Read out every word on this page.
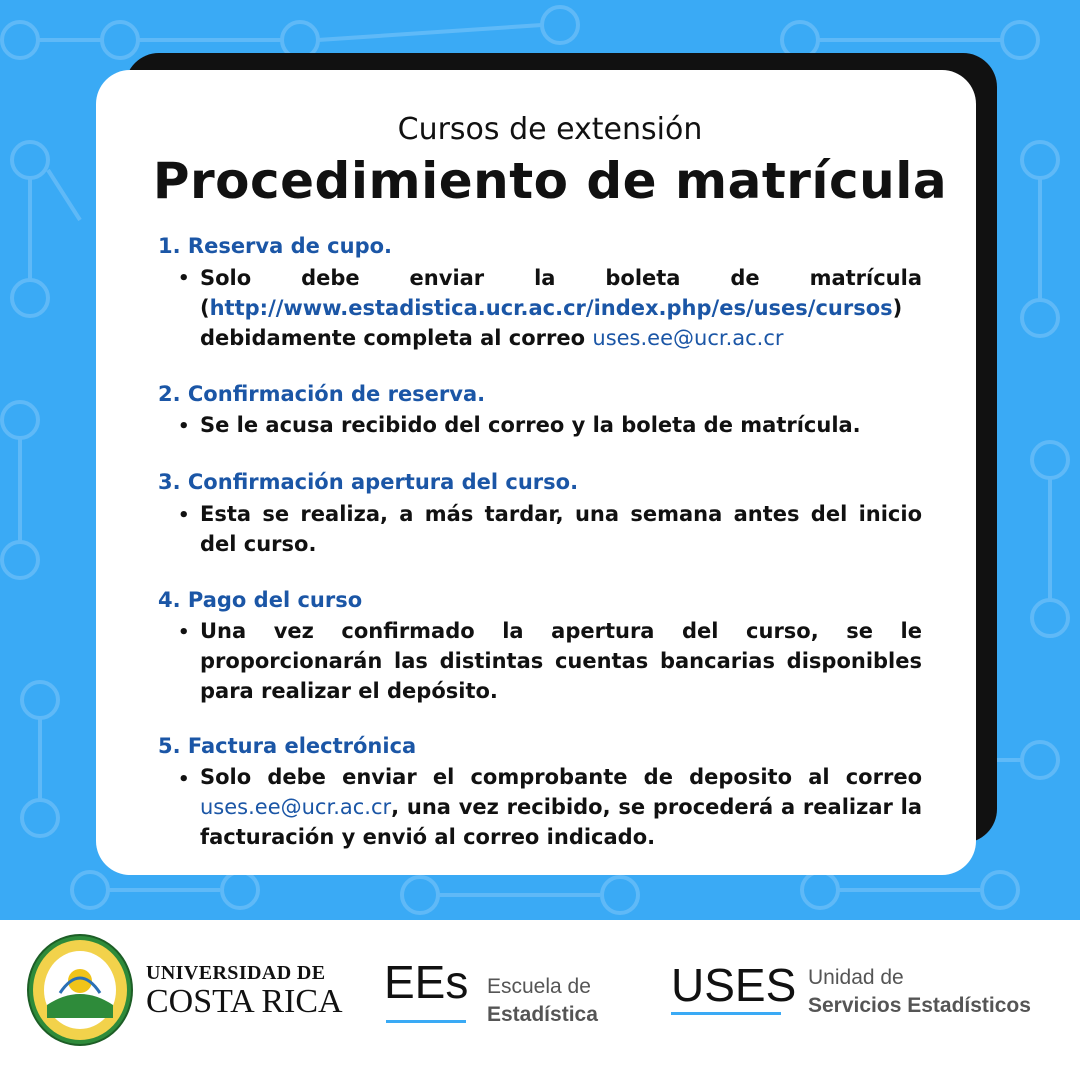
Cursos de extensión
Procedimiento de matrícula
1. Reserva de cupo.
• Solo debe enviar la boleta de matrícula
(http://www.estadistica.ucr.ac.cr/index.php/es/uses/cursos)
debidamente completa al correo uses.ee@ucr.ac.cr
2. Confirmación de reserva.
• Se le acusa recibido del correo y la boleta de matrícula.
3. Confirmación apertura del curso.
• Esta se realiza, a más tardar, una semana antes del inicio del curso.
4. Pago del curso
• Una vez confirmado la apertura del curso, se le proporcionarán las distintas cuentas bancarias disponibles para realizar el depósito.
5. Factura electrónica
• Solo debe enviar el comprobante de deposito al correo uses.ee@ucr.ac.cr, una vez recibido, se procederá a realizar la facturación y envió al correo indicado.
UNIVERSIDAD DE
COSTA RICA EEs Escuela de
Estadística
USES Unidad de
Servicios Estadísticos
